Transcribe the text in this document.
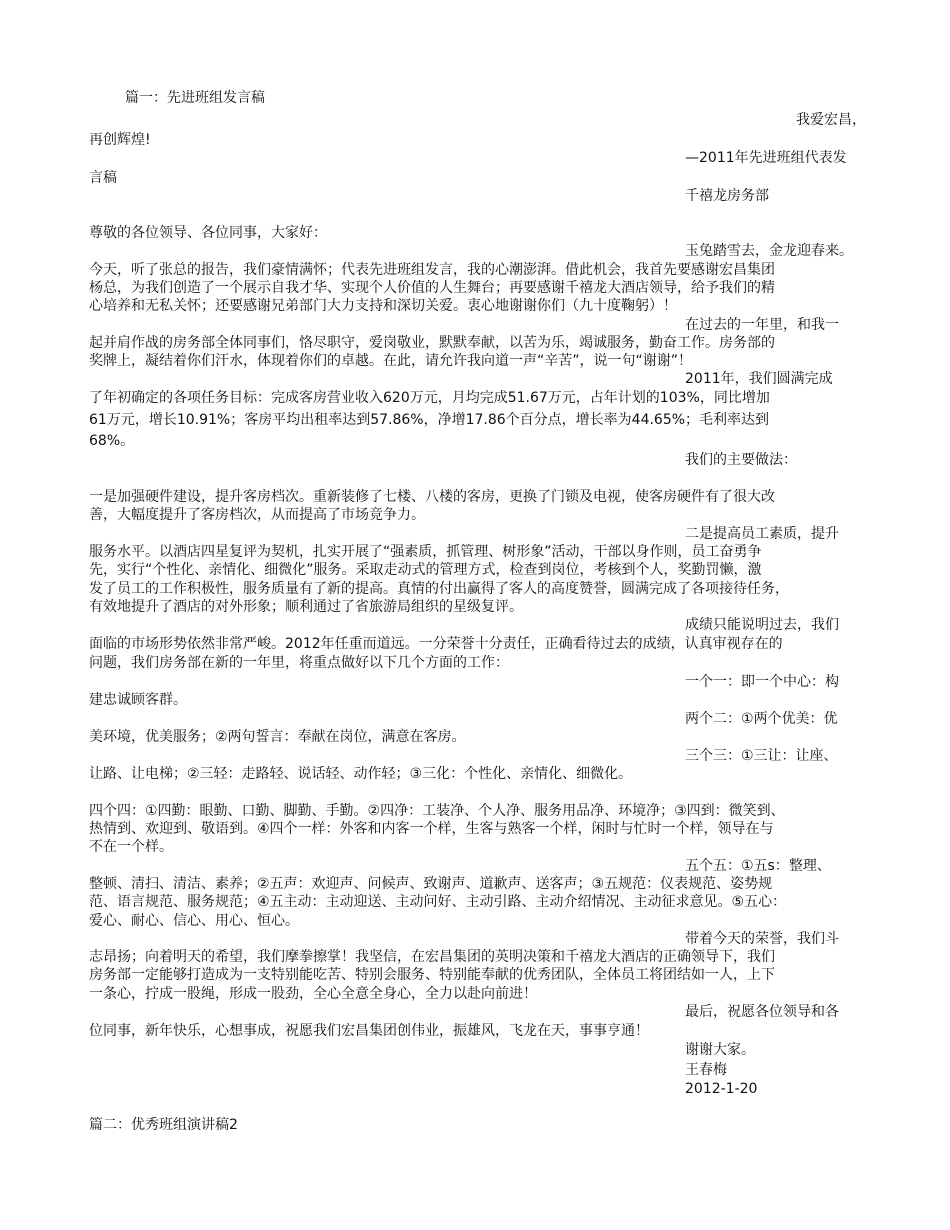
篇一：先进班组发言稿
我爱宏昌，
再创辉煌!
—2011年先进班组代表发
言稿
千禧龙房务部
尊敬的各位领导、各位同事，大家好：
玉兔踏雪去，金龙迎春来。
今天，听了张总的报告，我们豪情满怀；代表先进班组发言，我的心潮澎湃。借此机会，我首先要感谢宏昌集团
杨总，为我们创造了一个展示自我才华、实现个人价值的人生舞台；再要感谢千禧龙大酒店领导，给予我们的精
心培养和无私关怀；还要感谢兄弟部门大力支持和深切关爱。衷心地谢谢你们（九十度鞠躬）！
在过去的一年里，和我一
起并肩作战的房务部全体同事们，恪尽职守，爱岗敬业，默默奉献，以苦为乐，竭诚服务，勤奋工作。房务部的
奖牌上，凝结着你们汗水，体现着你们的卓越。在此，请允许我向道一声“辛苦”，说一句“谢谢”！
2011年，我们圆满完成
了年初确定的各项任务目标：完成客房营业收入620万元，月均完成51.67万元，占年计划的103%，同比增加
61万元，增长10.91%；客房平均出租率达到57.86%，净增17.86个百分点，增长率为44.65%；毛利率达到
68%。
我们的主要做法：
一是加强硬件建设，提升客房档次。重新装修了七楼、八楼的客房，更换了门锁及电视，使客房硬件有了很大改
善，大幅度提升了客房档次，从而提高了市场竞争力。
二是提高员工素质，提升
服务水平。以酒店四星复评为契机，扎实开展了“强素质，抓管理、树形象”活动，干部以身作则，员工奋勇争
先，实行“个性化、亲情化、细微化”服务。采取走动式的管理方式，检查到岗位，考核到个人，奖勤罚懒，激
发了员工的工作积极性，服务质量有了新的提高。真情的付出赢得了客人的高度赞誉，圆满完成了各项接待任务，
有效地提升了酒店的对外形象；顺利通过了省旅游局组织的星级复评。
成绩只能说明过去，我们
面临的市场形势依然非常严峻。2012年任重而道远。一分荣誉十分责任，正确看待过去的成绩，认真审视存在的
问题，我们房务部在新的一年里，将重点做好以下几个方面的工作：
一个一：即一个中心：构
建忠诚顾客群。
两个二：①两个优美：优
美环境，优美服务；②两句誓言：奉献在岗位，满意在客房。
三个三：①三让：让座、
让路、让电梯；②三轻：走路轻、说话轻、动作轻；③三化：个性化、亲情化、细微化。
四个四：①四勤：眼勤、口勤、脚勤、手勤。②四净：工装净、个人净、服务用品净、环境净；③四到：微笑到、
热情到、欢迎到、敬语到。④四个一样：外客和内客一个样，生客与熟客一个样，闲时与忙时一个样，领导在与
不在一个样。
五个五：①五s：整理、
整顿、清扫、清洁、素养；②五声：欢迎声、问候声、致谢声、道歉声、送客声；③五规范：仪表规范、姿势规
范、语言规范、服务规范；④五主动：主动迎送、主动问好、主动引路、主动介绍情况、主动征求意见。⑤五心：
爱心、耐心、信心、用心、恒心。
带着今天的荣誉，我们斗
志昂扬；向着明天的希望，我们摩拳擦掌！我坚信，在宏昌集团的英明决策和千禧龙大酒店的正确领导下，我们
房务部一定能够打造成为一支特别能吃苦、特别会服务、特别能奉献的优秀团队，全体员工将团结如一人，上下
一条心，拧成一股绳，形成一股劲，全心全意全身心，全力以赴向前进！
最后，祝愿各位领导和各
位同事，新年快乐，心想事成，祝愿我们宏昌集团创伟业，振雄风，飞龙在天，事事亨通！
谢谢大家。
王春梅
2012-1-20
篇二：优秀班组演讲稿2
